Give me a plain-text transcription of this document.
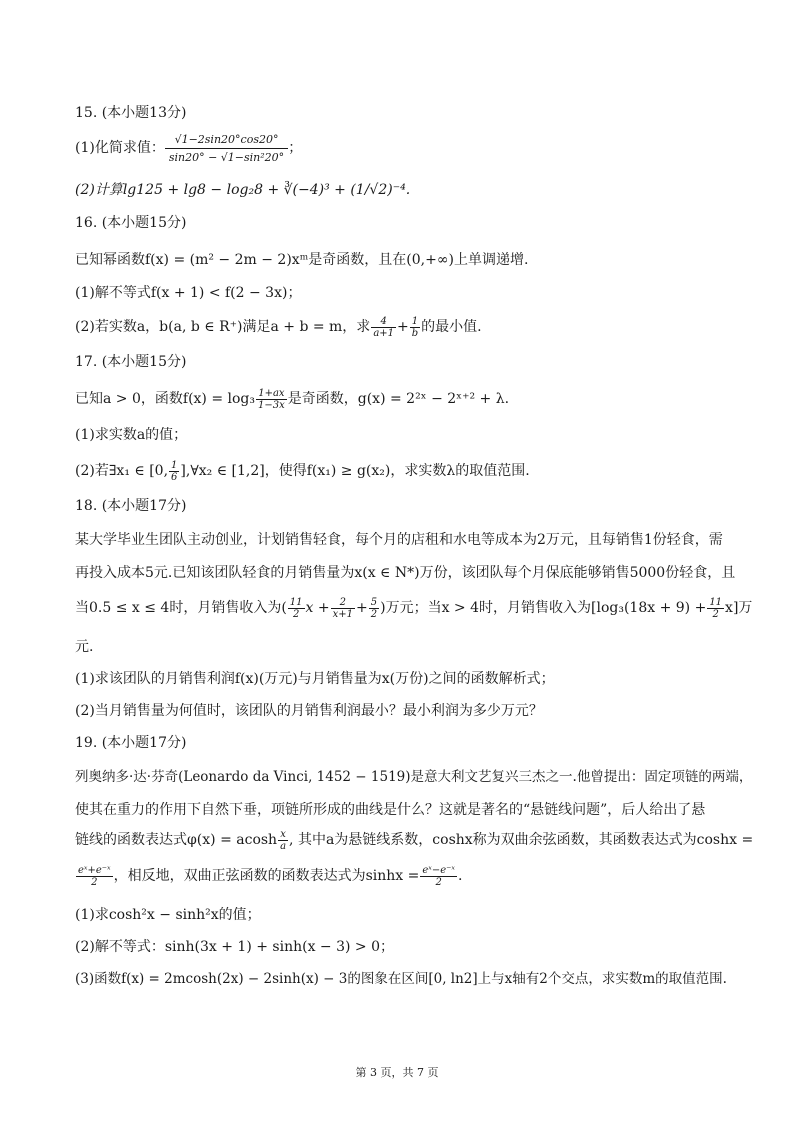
15. (本小题13分)
(1)化简求值： $\frac{√1-2\sin 20^\circ\cos 20^\circ}{\text{sin20° − √1−sin²20°}}$ ；
(2)计算lg125 + lg8 − log₂8 + ∛(−4)³ + (1/√2)⁻⁴.
16. (本小题15分)
已知幂函数f(x) = (m² − 2m − 2)xᵐ是奇函数，且在(0,+∞)上单调递增.
(1)解不等式f(x + 1) < f(2 − 3x)；
(2)若实数a，b(a, b ∈ R⁺)满足a + b = m，求 $\frac{4}{a+1} + \frac{1}{b}$ 的最小值.
17. (本小题15分)
已知a > 0，函数$f(x) = \log_3 \frac{1+ax}{1-3x}$ 是奇函数，g(x) = 2²ˣ − 2ˣ⁺² + λ.
(1)求实数a的值；
(2)若∃x₁ ∈ [0, $\frac{1}{6}$ ],∀x₂ ∈ [1,2]，使得f(x₁) ≥ g(x₂)，求实数λ的取值范围.
18. (本小题17分)
某大学毕业生团队主动创业，计划销售轻食，每个月的店租和水电等成本为2万元，且每销售1份轻食，需
再投入成本5元.已知该团队轻食的月销售量为x(x ∈ N*)万份，该团队每个月保底能够销售5000份轻食，且
当0.5 ≤ x ≤ 4时，月销售收入为( $\frac{11}{2}$ $x + \frac{2}{x+1} + \frac{5}{2}$ )万元；当x > 4时，月销售收入为$[\log_3(18x + 9) + \frac{11}{2} x]$万
元.
(1)求该团队的月销售利润f(x)(万元)与月销售量为x(万份)之间的函数解析式；
(2)当月销售量为何值时，该团队的月销售利润最小？最小利润为多少万元？
19. (本小题17分)
列奥纳多·达·芬奇(Leonardo da Vinci, 1452 − 1519)是意大利文艺复兴三杰之一.他曾提出：固定项链的两端，
使其在重力的作用下自然下垂，项链所形成的曲线是什么？这就是著名的“悬链线问题”，后人给出了悬
链线的函数表达式φ(x) = acosh $\frac{x}{a}$ , 其中a为悬链线系数，coshx称为双曲余弦函数，其函数表达式为coshx =
$\frac{\text{eˣ+e⁻ˣ}}{2}$ ，相反地，双曲正弦函数的函数表达式为$\sinh x = \frac{\text{eˣ−e⁻ˣ}}{2}$ .
(1)求cosh²x − sinh²x的值；
(2)解不等式：sinh(3x + 1) + sinh(x − 3) > 0；
(3)函数f(x) = 2mcosh(2x) − 2sinh(x) − 3的图象在区间[0, ln2]上与x轴有2个交点，求实数m的取值范围.
第 3 页，共 7 页
